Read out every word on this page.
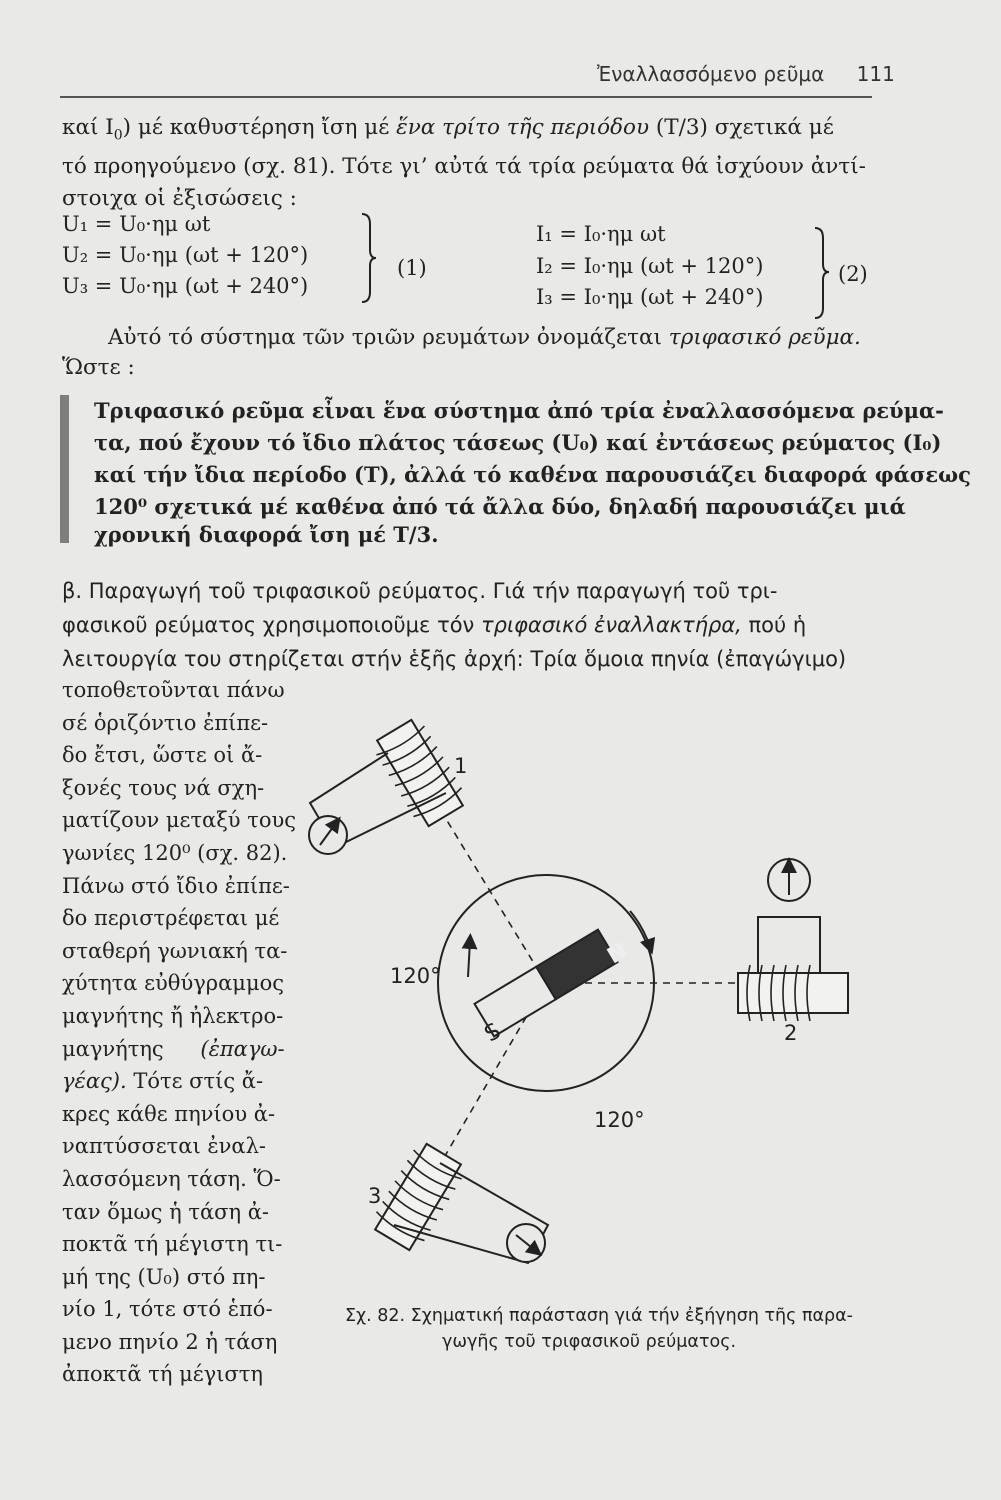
Ἐναλλασσόμενο ρεῦμα 111
καί $I_0$) μέ καθυστέρηση ἴση μέ ἕνα τρίτο τῆς περιόδου (T/3) σχετικά μέ
τό προηγούμενο (σχ. 81). Τότε γι’ αὐτά τά τρία ρεύματα θά ἰσχύουν ἀντί-
στοιχα οἱ ἐξισώσεις :
U₁ = U₀·ημ ωt
U₂ = U₀·ημ (ωt + 120°)
U₃ = U₀·ημ (ωt + 240°)
(1)
I₁ = I₀·ημ ωt
I₂ = I₀·ημ (ωt + 120°)
I₃ = I₀·ημ (ωt + 240°)
(2)
Αὐτό τό σύστημα τῶν τριῶν ρευμάτων ὀνομάζεται τριφασικό ρεῦμα.
Ὥστε :
Τριφασικό ρεῦμα εἶναι ἕνα σύστημα ἀπό τρία ἐναλλασσόμενα ρεύμα-
τα, πού ἔχουν τό ἴδιο πλάτος τάσεως (U₀) καί ἐντάσεως ρεύματος (I₀)
καί τήν ἴδια περίοδο (T), ἀλλά τό καθένα παρουσιάζει διαφορά φάσεως
120⁰ σχετικά μέ καθένα ἀπό τά ἄλλα δύο, δηλαδή παρουσιάζει μιά
χρονική διαφορά ἴση μέ T/3.
β. Παραγωγή τοῦ τριφασικοῦ ρεύματος. Γιά τήν παραγωγή τοῦ τρι-
φασικοῦ ρεύματος χρησιμοποιοῦμε τόν τριφασικό ἐναλλακτήρα, πού ἡ
λειτουργία του στηρίζεται στήν ἑξῆς ἀρχή: Τρία ὅμοια πηνία (ἐπαγώγιμο)
τοποθετοῦνται πάνω
σέ ὁριζόντιο ἐπίπε-
δο ἔτσι, ὥστε οἱ ἄ-
ξονές τους νά σχη-
ματίζουν μεταξύ τους
γωνίες 120⁰ (σχ. 82).
Πάνω στό ἴδιο ἐπίπε-
δο περιστρέφεται μέ
σταθερή γωνιακή τα-
χύτητα εὐθύγραμμος
μαγνήτης ἤ ἠλεκτρο-
μαγνήτης (ἐπαγω-
γέας). Τότε στίς ἄ-
κρες κάθε πηνίου ἀ-
ναπτύσσεται ἐναλ-
λασσόμενη τάση. Ὅ-
ταν ὅμως ἡ τάση ἀ-
ποκτᾶ τή μέγιστη τι-
μή της (U₀) στό πη-
νίο 1, τότε στό ἑπό-
μενο πηνίο 2 ἡ τάση
ἀποκτᾶ τή μέγιστη
N
S
120°
120°
1
2
3
Σχ. 82. Σχηματική παράσταση γιά τήν ἐξήγηση τῆς παρα-
γωγῆς τοῦ τριφασικοῦ ρεύματος.
